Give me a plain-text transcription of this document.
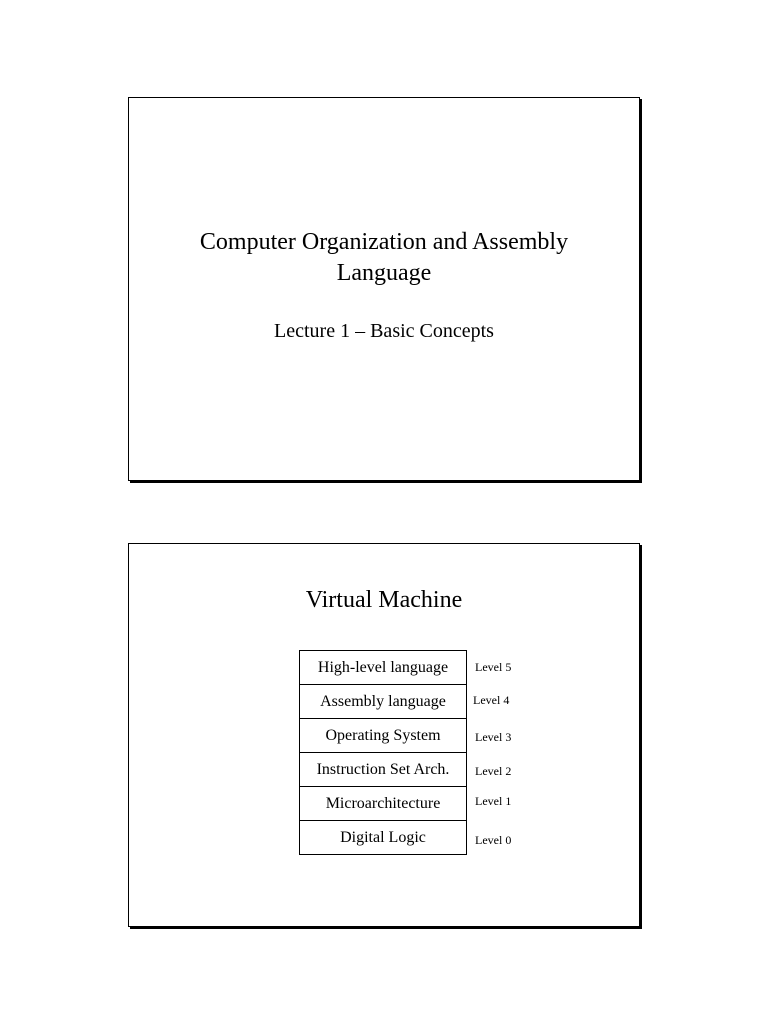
Computer Organization and Assembly
Language
Lecture 1 – Basic Concepts
Virtual Machine
High-level language
Assembly language
Operating System
Instruction Set Arch.
Microarchitecture
Digital Logic
Level 5
Level 4
Level 3
Level 2
Level 1
Level 0
